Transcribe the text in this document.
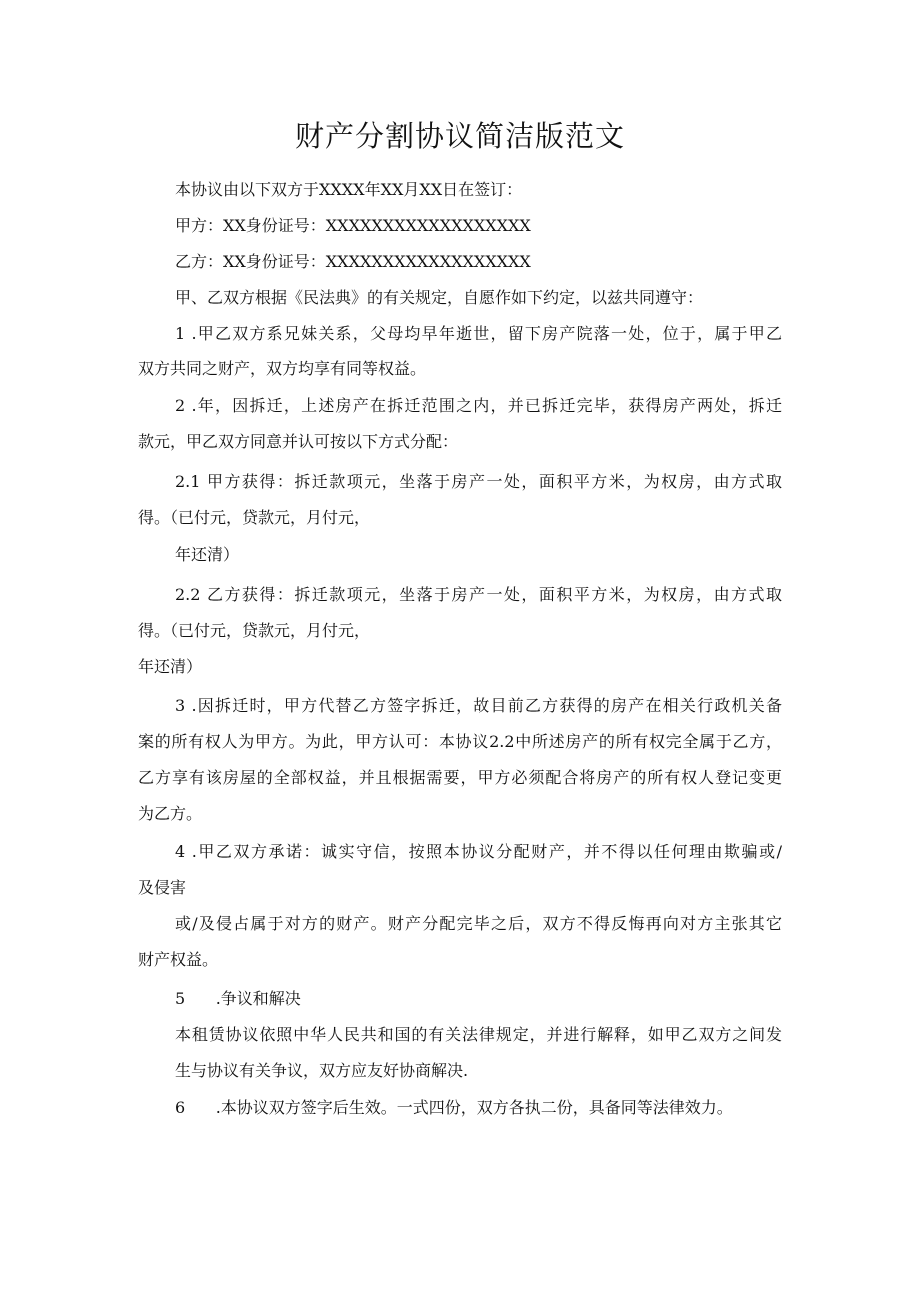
财产分割协议简洁版范文
本协议由以下双方于XXXX年XX月XX日在签订：
甲方：XX身份证号：XXXXXXXXXXXXXXXXXX
乙方：XX身份证号：XXXXXXXXXXXXXXXXXX
甲、乙双方根据《民法典》的有关规定，自愿作如下约定，以兹共同遵守：
1 .甲乙双方系兄妹关系，父母均早年逝世，留下房产院落一处，位于，属于甲乙
双方共同之财产，双方均享有同等权益。
2 .年，因拆迁，上述房产在拆迁范围之内，并已拆迁完毕，获得房产两处，拆迁
款元，甲乙双方同意并认可按以下方式分配：
2.1 甲方获得：拆迁款项元，坐落于房产一处，面积平方米，为权房，由方式取
得。（已付元，贷款元，月付元，
年还清）
2.2 乙方获得：拆迁款项元，坐落于房产一处，面积平方米，为权房，由方式取
得。（已付元，贷款元，月付元，
年还清）
3 .因拆迁时，甲方代替乙方签字拆迁，故目前乙方获得的房产在相关行政机关备
案的所有权人为甲方。为此，甲方认可：本协议2.2中所述房产的所有权完全属于乙方，
乙方享有该房屋的全部权益，并且根据需要，甲方必须配合将房产的所有权人登记变更
为乙方。
4 .甲乙双方承诺：诚实守信，按照本协议分配财产，并不得以任何理由欺骗或/
及侵害
或/及侵占属于对方的财产。财产分配完毕之后，双方不得反悔再向对方主张其它
财产权益。
5      .争议和解决
本租赁协议依照中华人民共和国的有关法律规定，并进行解释，如甲乙双方之间发
生与协议有关争议，双方应友好协商解决.
6      .本协议双方签字后生效。一式四份，双方各执二份，具备同等法律效力。
